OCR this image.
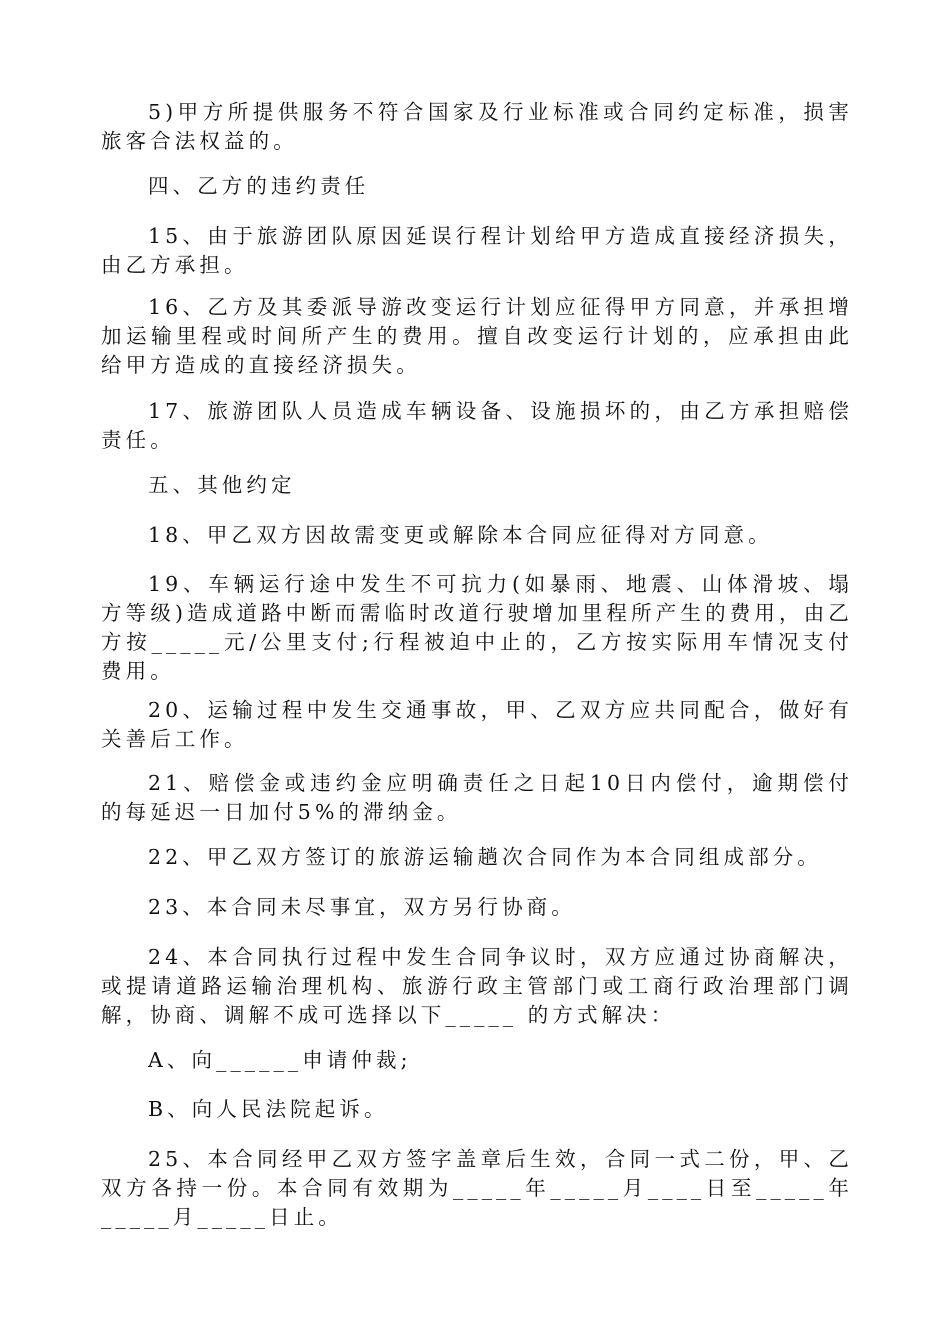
5)甲方所提供服务不符合国家及行业标准或合同约定标准，损害旅客合法权益的。

四、乙方的违约责任

15、由于旅游团队原因延误行程计划给甲方造成直接经济损失，由乙方承担。

16、乙方及其委派导游改变运行计划应征得甲方同意，并承担增加运输里程或时间所产生的费用。擅自改变运行计划的，应承担由此给甲方造成的直接经济损失。

17、旅游团队人员造成车辆设备、设施损坏的，由乙方承担赔偿责任。

五、其他约定

18、甲乙双方因故需变更或解除本合同应征得对方同意。

19、车辆运行途中发生不可抗力(如暴雨、地震、山体滑坡、塌方等级)造成道路中断而需临时改道行驶增加里程所产生的费用，由乙方按_____元/公里支付;行程被迫中止的，乙方按实际用车情况支付费用。

20、运输过程中发生交通事故，甲、乙双方应共同配合，做好有关善后工作。

21、赔偿金或违约金应明确责任之日起10日内偿付，逾期偿付的每延迟一日加付5%的滞纳金。

22、甲乙双方签订的旅游运输趟次合同作为本合同组成部分。

23、本合同未尽事宜，双方另行协商。

24、本合同执行过程中发生合同争议时，双方应通过协商解决，或提请道路运输治理机构、旅游行政主管部门或工商行政治理部门调解，协商、调解不成可选择以下_____ 的方式解决：

A、向______申请仲裁;

B、向人民法院起诉。

25、本合同经甲乙双方签字盖章后生效，合同一式二份，甲、乙双方各持一份。本合同有效期为_____年_____月____日至_____年_____月_____日止。
